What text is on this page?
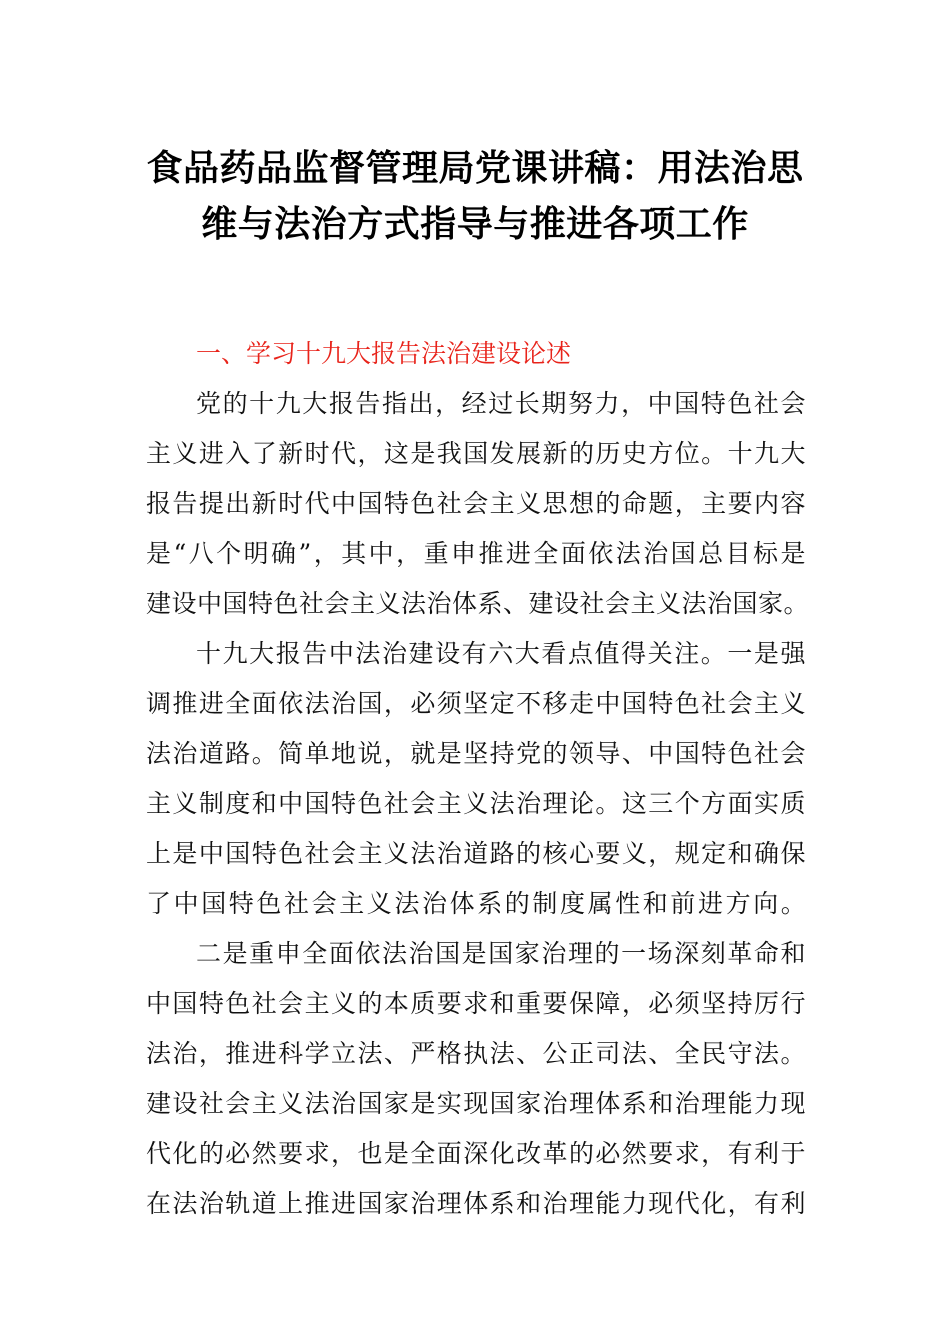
食品药品监督管理局党课讲稿：用法治思
维与法治方式指导与推进各项工作
一、学习十九大报告法治建设论述

党的十九大报告指出，经过长期努力，中国特色社会
主义进入了新时代，这是我国发展新的历史方位。十九大
报告提出新时代中国特色社会主义思想的命题，主要内容
是“八个明确”，其中，重申推进全面依法治国总目标是
建设中国特色社会主义法治体系、建设社会主义法治国家。

十九大报告中法治建设有六大看点值得关注。一是强
调推进全面依法治国，必须坚定不移走中国特色社会主义
法治道路。简单地说，就是坚持党的领导、中国特色社会
主义制度和中国特色社会主义法治理论。这三个方面实质
上是中国特色社会主义法治道路的核心要义，规定和确保
了中国特色社会主义法治体系的制度属性和前进方向。

二是重申全面依法治国是国家治理的一场深刻革命和
中国特色社会主义的本质要求和重要保障，必须坚持厉行
法治，推进科学立法、严格执法、公正司法、全民守法。
建设社会主义法治国家是实现国家治理体系和治理能力现
代化的必然要求，也是全面深化改革的必然要求，有利于
在法治轨道上推进国家治理体系和治理能力现代化，有利
